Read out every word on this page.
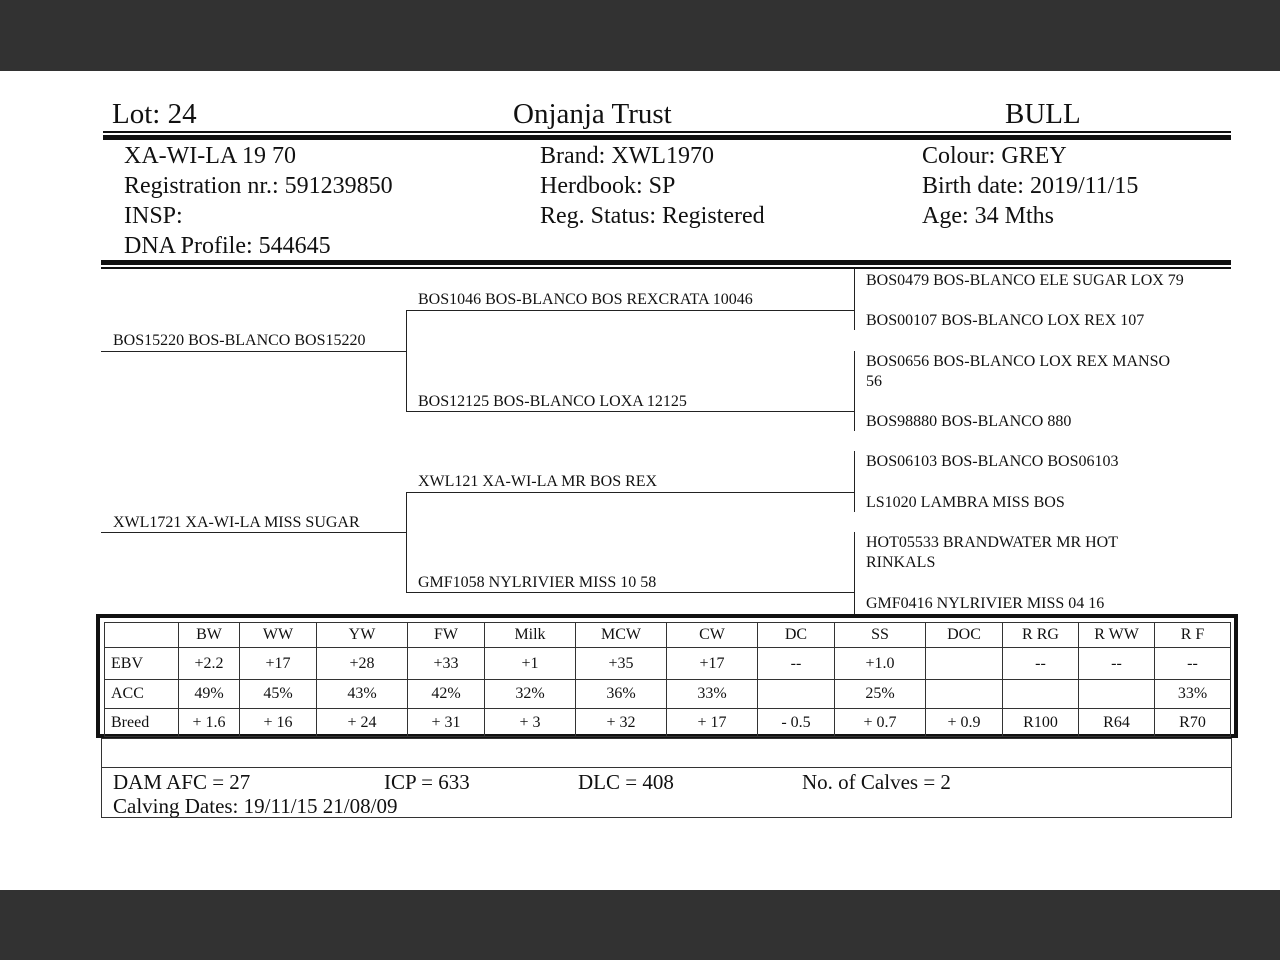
Lot: 24	Onjanja Trust	BULL
XA-WI-LA 19 70
Registration nr.: 591239850
INSP:
DNA Profile: 544645
Brand: XWL1970
Herdbook: SP
Reg. Status: Registered
Colour: GREY
Birth date: 2019/11/15
Age: 34 Mths
BOS15220 BOS-BLANCO BOS15220
XWL1721 XA-WI-LA MISS SUGAR
BOS1046 BOS-BLANCO BOS REXCRATA 10046
BOS12125 BOS-BLANCO LOXA 12125
XWL121 XA-WI-LA MR BOS REX
GMF1058 NYLRIVIER MISS 10 58
BOS0479 BOS-BLANCO ELE SUGAR LOX 79
BOS00107 BOS-BLANCO LOX REX 107
BOS0656 BOS-BLANCO LOX REX MANSO
56
BOS98880 BOS-BLANCO 880
BOS06103 BOS-BLANCO BOS06103
LS1020 LAMBRA MISS BOS
HOT05533 BRANDWATER MR HOT
RINKALS
GMF0416 NYLRIVIER MISS 04 16
	BW	WW	YW	FW	Milk	MCW	CW	DC	SS	DOC	R RG	R WW	R F
EBV	+2.2	+17	+28	+33	+1	+35	+17	--	+1.0		--	--	--
ACC	49%	45%	43%	42%	32%	36%	33%		25%				33%
Breed	+ 1.6	+ 16	+ 24	+ 31	+ 3	+ 32	+ 17	- 0.5	+ 0.7	+ 0.9	R100	R64	R70
DAM AFC = 27	ICP = 633	DLC = 408	No. of Calves = 2
Calving Dates: 19/11/15 21/08/09
